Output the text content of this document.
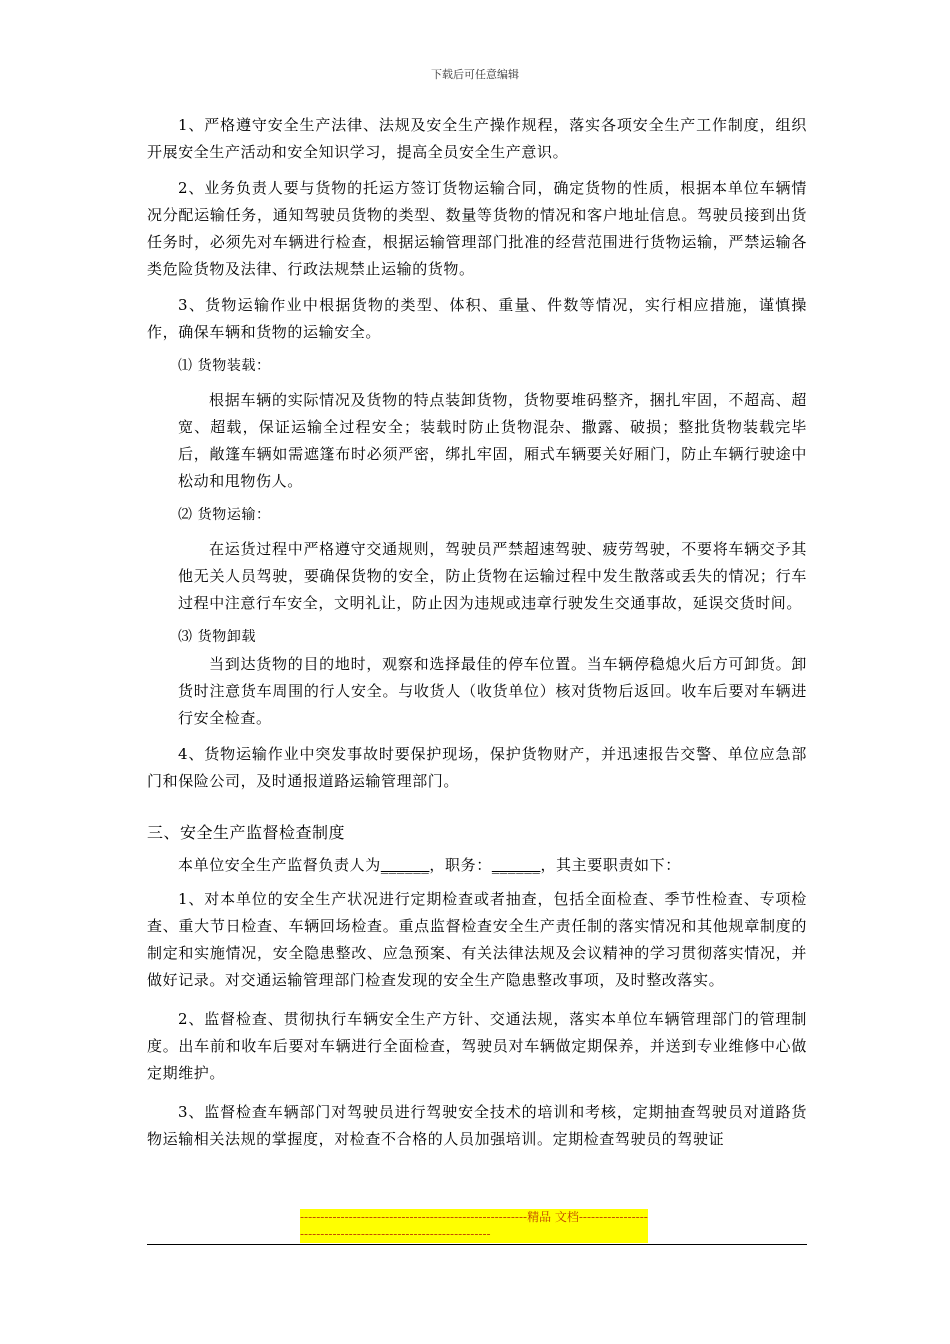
下载后可任意编辑

1、严格遵守安全生产法律、法规及安全生产操作规程，落实各项安全生产工作制度，组织开展安全生产活动和安全知识学习，提高全员安全生产意识。

2、业务负责人要与货物的托运方签订货物运输合同，确定货物的性质，根据本单位车辆情况分配运输任务，通知驾驶员货物的类型、数量等货物的情况和客户地址信息。驾驶员接到出货任务时，必须先对车辆进行检查，根据运输管理部门批准的经营范围进行货物运输，严禁运输各类危险货物及法律、行政法规禁止运输的货物。

3、货物运输作业中根据货物的类型、体积、重量、件数等情况，实行相应措施，谨慎操作，确保车辆和货物的运输安全。

⑴ 货物装载：

根据车辆的实际情况及货物的特点装卸货物，货物要堆码整齐，捆扎牢固，不超高、超宽、超载，保证运输全过程安全；装载时防止货物混杂、撒露、破损；整批货物装载完毕后，敞篷车辆如需遮篷布时必须严密，绑扎牢固，厢式车辆要关好厢门，防止车辆行驶途中松动和甩物伤人。

⑵ 货物运输：

在运货过程中严格遵守交通规则，驾驶员严禁超速驾驶、疲劳驾驶，不要将车辆交予其他无关人员驾驶，要确保货物的安全，防止货物在运输过程中发生散落或丢失的情况；行车过程中注意行车安全，文明礼让，防止因为违规或违章行驶发生交通事故，延误交货时间。

⑶ 货物卸载

当到达货物的目的地时，观察和选择最佳的停车位置。当车辆停稳熄火后方可卸货。卸货时注意货车周围的行人安全。与收货人（收货单位）核对货物后返回。收车后要对车辆进行安全检查。

4、货物运输作业中突发事故时要保护现场，保护货物财产，并迅速报告交警、单位应急部门和保险公司，及时通报道路运输管理部门。

三、安全生产监督检查制度

本单位安全生产监督负责人为______，职务：______，其主要职责如下：

1、对本单位的安全生产状况进行定期检查或者抽查，包括全面检查、季节性检查、专项检查、重大节日检查、车辆回场检查。重点监督检查安全生产责任制的落实情况和其他规章制度的制定和实施情况，安全隐患整改、应急预案、有关法律法规及会议精神的学习贯彻落实情况，并做好记录。对交通运输管理部门检查发现的安全生产隐患整改事项，及时整改落实。

2、监督检查、贯彻执行车辆安全生产方针、交通法规，落实本单位车辆管理部门的管理制度。出车前和收车后要对车辆进行全面检查，驾驶员对车辆做定期保养，并送到专业维修中心做定期维护。

3、监督检查车辆部门对驾驶员进行驾驶安全技术的培训和考核，定期抽查驾驶员对道路货物运输相关法规的掌握度，对检查不合格的人员加强培训。定期检查驾驶员的驾驶证

--------------------------------------------------------精品 文档----------------------------------------------------------------
